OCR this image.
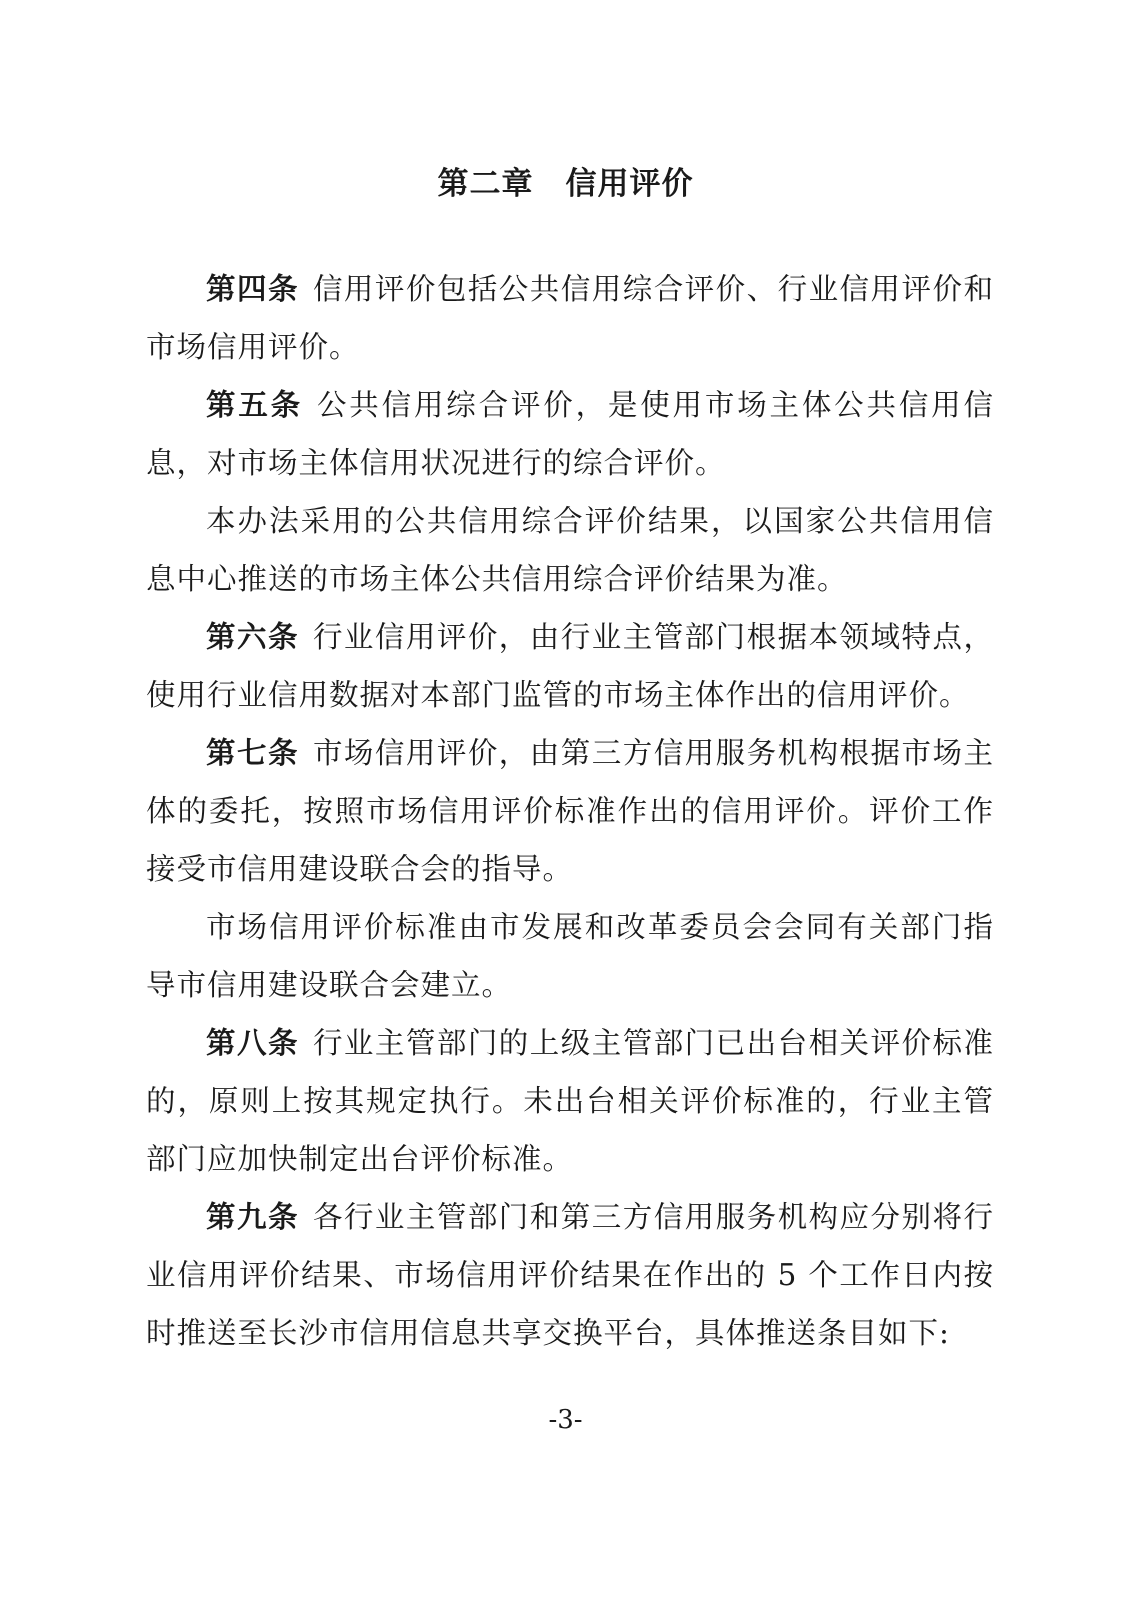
第二章　信用评价

第四条 信用评价包括公共信用综合评价、行业信用评价和市场信用评价。

第五条 公共信用综合评价，是使用市场主体公共信用信息，对市场主体信用状况进行的综合评价。

本办法采用的公共信用综合评价结果，以国家公共信用信息中心推送的市场主体公共信用综合评价结果为准。

第六条 行业信用评价，由行业主管部门根据本领域特点，使用行业信用数据对本部门监管的市场主体作出的信用评价。

第七条 市场信用评价，由第三方信用服务机构根据市场主体的委托，按照市场信用评价标准作出的信用评价。评价工作接受市信用建设联合会的指导。

市场信用评价标准由市发展和改革委员会会同有关部门指导市信用建设联合会建立。

第八条 行业主管部门的上级主管部门已出台相关评价标准的，原则上按其规定执行。未出台相关评价标准的，行业主管部门应加快制定出台评价标准。

第九条 各行业主管部门和第三方信用服务机构应分别将行业信用评价结果、市场信用评价结果在作出的 5 个工作日内按时推送至长沙市信用信息共享交换平台，具体推送条目如下:

-3-
